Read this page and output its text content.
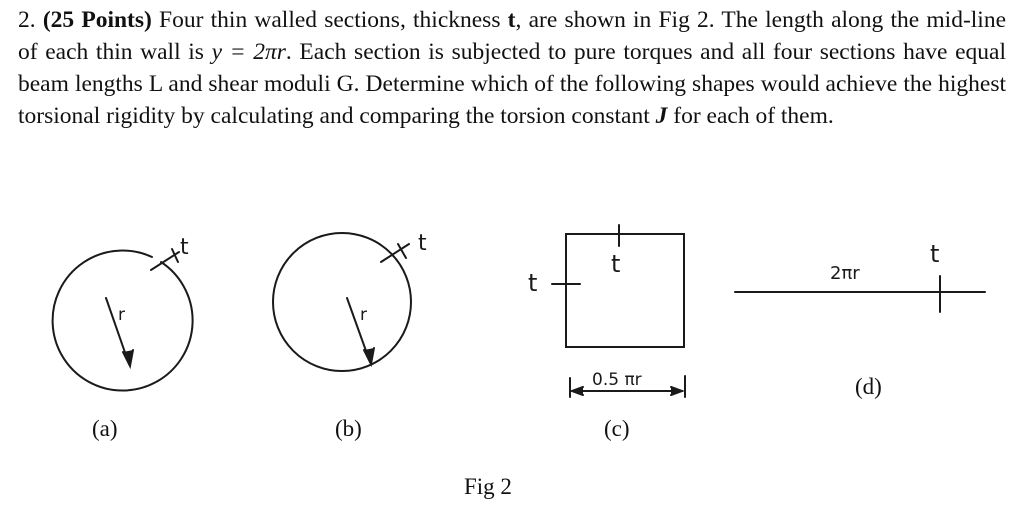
2. (25 Points) Four thin walled sections, thickness t, are shown in Fig 2. The length along the mid-line of each thin wall is y = 2πr. Each section is subjected to pure torques and all four sections have equal beam lengths L and shear moduli G. Determine which of the following shapes would achieve the highest torsional rigidity by calculating and comparing the torsion constant J for each of them.
t
r
t
r
t
t
0.5 πr
t
2πr
(a)	(b)	(c)
(d)
Fig 2
